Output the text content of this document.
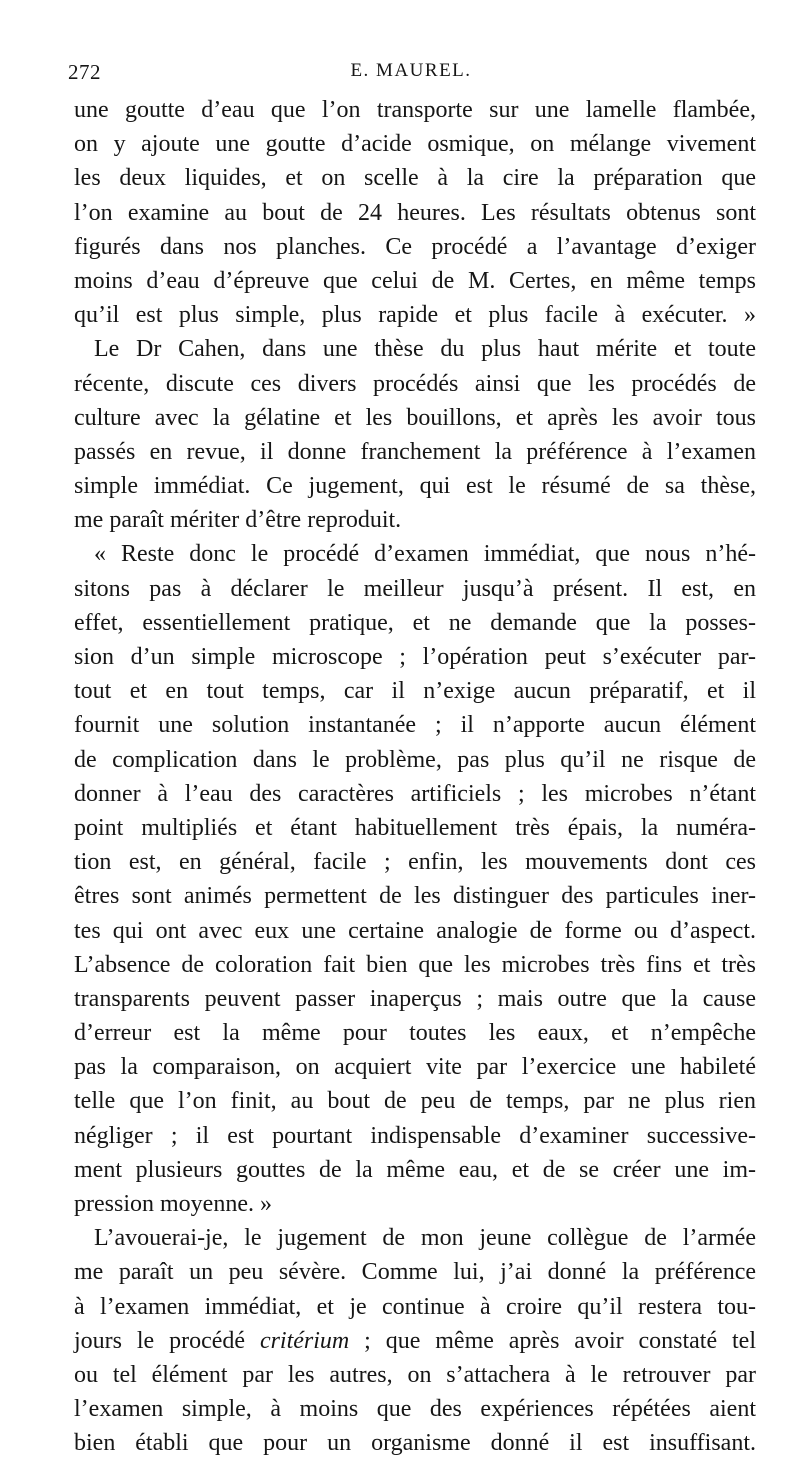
272	E. MAUREL.
une goutte d’eau que l’on transporte sur une lamelle flambée,
on y ajoute une goutte d’acide osmique, on mélange vivement
les deux liquides, et on scelle à la cire la préparation que
l’on examine au bout de 24 heures. Les résultats obtenus sont
figurés dans nos planches. Ce procédé a l’avantage d’exiger
moins d’eau d’épreuve que celui de M. Certes, en même temps
qu’il est plus simple, plus rapide et plus facile à exécuter. »
Le Dr Cahen, dans une thèse du plus haut mérite et toute
récente, discute ces divers procédés ainsi que les procédés de
culture avec la gélatine et les bouillons, et après les avoir tous
passés en revue, il donne franchement la préférence à l’examen
simple immédiat. Ce jugement, qui est le résumé de sa thèse,
me paraît mériter d’être reproduit.
« Reste donc le procédé d’examen immédiat, que nous n’hé-
sitons pas à déclarer le meilleur jusqu’à présent. Il est, en
effet, essentiellement pratique, et ne demande que la posses-
sion d’un simple microscope ; l’opération peut s’exécuter par-
tout et en tout temps, car il n’exige aucun préparatif, et il
fournit une solution instantanée ; il n’apporte aucun élément
de complication dans le problème, pas plus qu’il ne risque de
donner à l’eau des caractères artificiels ; les microbes n’étant
point multipliés et étant habituellement très épais, la numéra-
tion est, en général, facile ; enfin, les mouvements dont ces
êtres sont animés permettent de les distinguer des particules iner-
tes qui ont avec eux une certaine analogie de forme ou d’aspect.
L’absence de coloration fait bien que les microbes très fins et très
transparents peuvent passer inaperçus ; mais outre que la cause
d’erreur est la même pour toutes les eaux, et n’empêche
pas la comparaison, on acquiert vite par l’exercice une habileté
telle que l’on finit, au bout de peu de temps, par ne plus rien
négliger ; il est pourtant indispensable d’examiner successive-
ment plusieurs gouttes de la même eau, et de se créer une im-
pression moyenne. »
L’avouerai-je, le jugement de mon jeune collègue de l’armée
me paraît un peu sévère. Comme lui, j’ai donné la préférence
à l’examen immédiat, et je continue à croire qu’il restera tou-
jours le procédé critérium ; que même après avoir constaté tel
ou tel élément par les autres, on s’attachera à le retrouver par
l’examen simple, à moins que des expériences répétées aient
bien établi que pour un organisme donné il est insuffisant.
